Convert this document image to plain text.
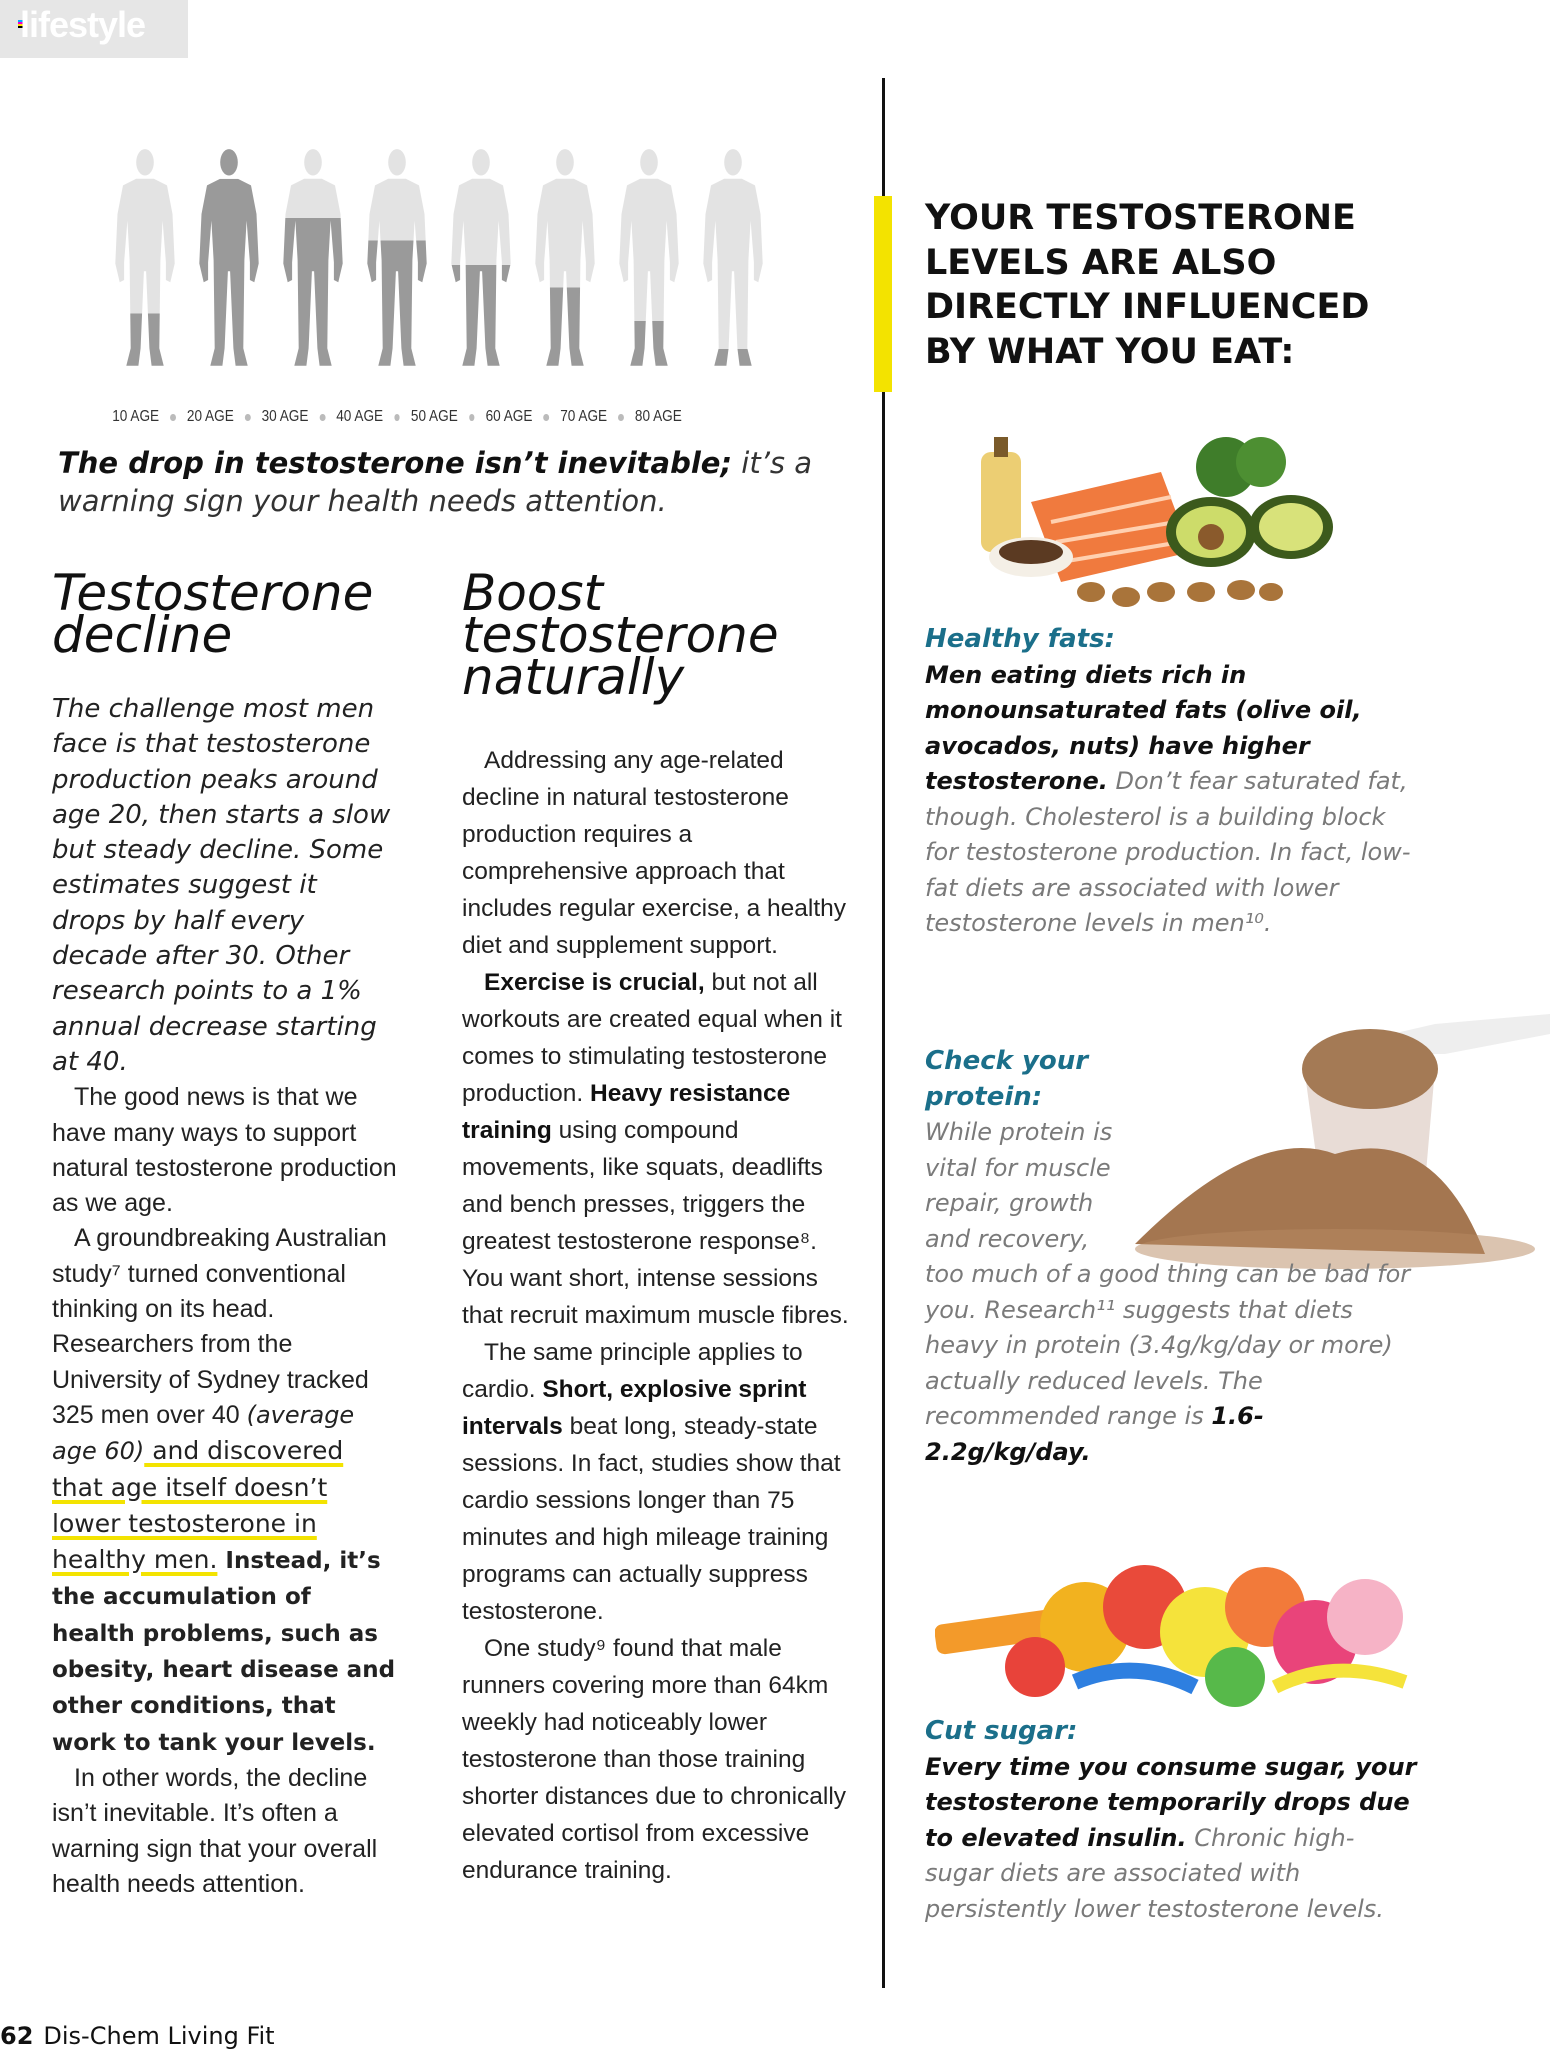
lifestyle
10 AGE 20 AGE 30 AGE 40 AGE 50 AGE 60 AGE 70 AGE 80 AGE
The drop in testosterone isn’t inevitable; it’s a warning sign your health needs attention.
Testosterone decline
Boost testosterone naturally

The challenge most men face is that testosterone production peaks around age 20, then starts a slow but steady decline. Some estimates suggest it drops by half every decade after 30. Other research points to a 1% annual decrease starting at 40.

The good news is that we have many ways to support natural testosterone production as we age.

A groundbreaking Australian study⁷ turned conventional thinking on its head. Researchers from the University of Sydney tracked 325 men over 40 (average age 60) and discovered that age itself doesn’t lower testosterone in healthy men. Instead, it’s the accumulation of health problems, such as obesity, heart disease and other conditions, that work to tank your levels.

In other words, the decline isn’t inevitable. It’s often a warning sign that your overall health needs attention.

Addressing any age-related decline in natural testosterone production requires a comprehensive approach that includes regular exercise, a healthy diet and supplement support.

Exercise is crucial, but not all workouts are created equal when it comes to stimulating testosterone production. Heavy resistance training using compound movements, like squats, deadlifts and bench presses, triggers the greatest testosterone response⁸. You want short, intense sessions that recruit maximum muscle fibres.

The same principle applies to cardio. Short, explosive sprint intervals beat long, steady-state sessions. In fact, studies show that cardio sessions longer than 75 minutes and high mileage training programs can actually suppress testosterone.

One study⁹ found that male runners covering more than 64km weekly had noticeably lower testosterone than those training shorter distances due to chronically elevated cortisol from excessive endurance training.

YOUR TESTOSTERONE LEVELS ARE ALSO DIRECTLY INFLUENCED BY WHAT YOU EAT:
Healthy fats:
Men eating diets rich in monounsaturated fats (olive oil, avocados, nuts) have higher testosterone. Don’t fear saturated fat, though. Cholesterol is a building block for testosterone production. In fact, low-fat diets are associated with lower testosterone levels in men¹⁰.
Check your protein:
While protein is vital for muscle repair, growth and recovery, too much of a good thing can be bad for you. Research¹¹ suggests that diets heavy in protein (3.4g/kg/day or more) actually reduced levels. The recommended range is 1.6-2.2g/kg/day.
Cut sugar:
Every time you consume sugar, your testosterone temporarily drops due to elevated insulin. Chronic high-sugar diets are associated with persistently lower testosterone levels.
62 Dis-Chem Living Fit
